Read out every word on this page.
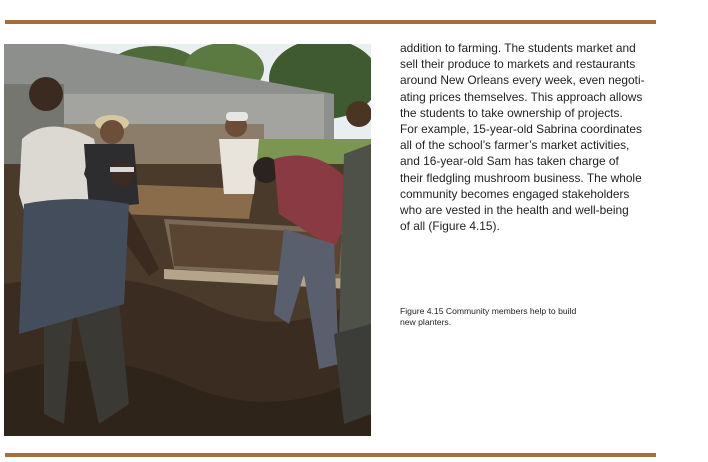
addition to farming. The students market and
sell their produce to markets and restaurants
around New Orleans every week, even negoti-
ating prices themselves. This approach allows
the students to take ownership of projects.
For example, 15-year-old Sabrina coordinates
all of the school’s farmer’s market activities,
and 16-year-old Sam has taken charge of
their fledgling mushroom business. The whole
community becomes engaged stakeholders
who are vested in the health and well-being
of all (Figure 4.15).

Figure 4.15 Community members help to build
new planters.
